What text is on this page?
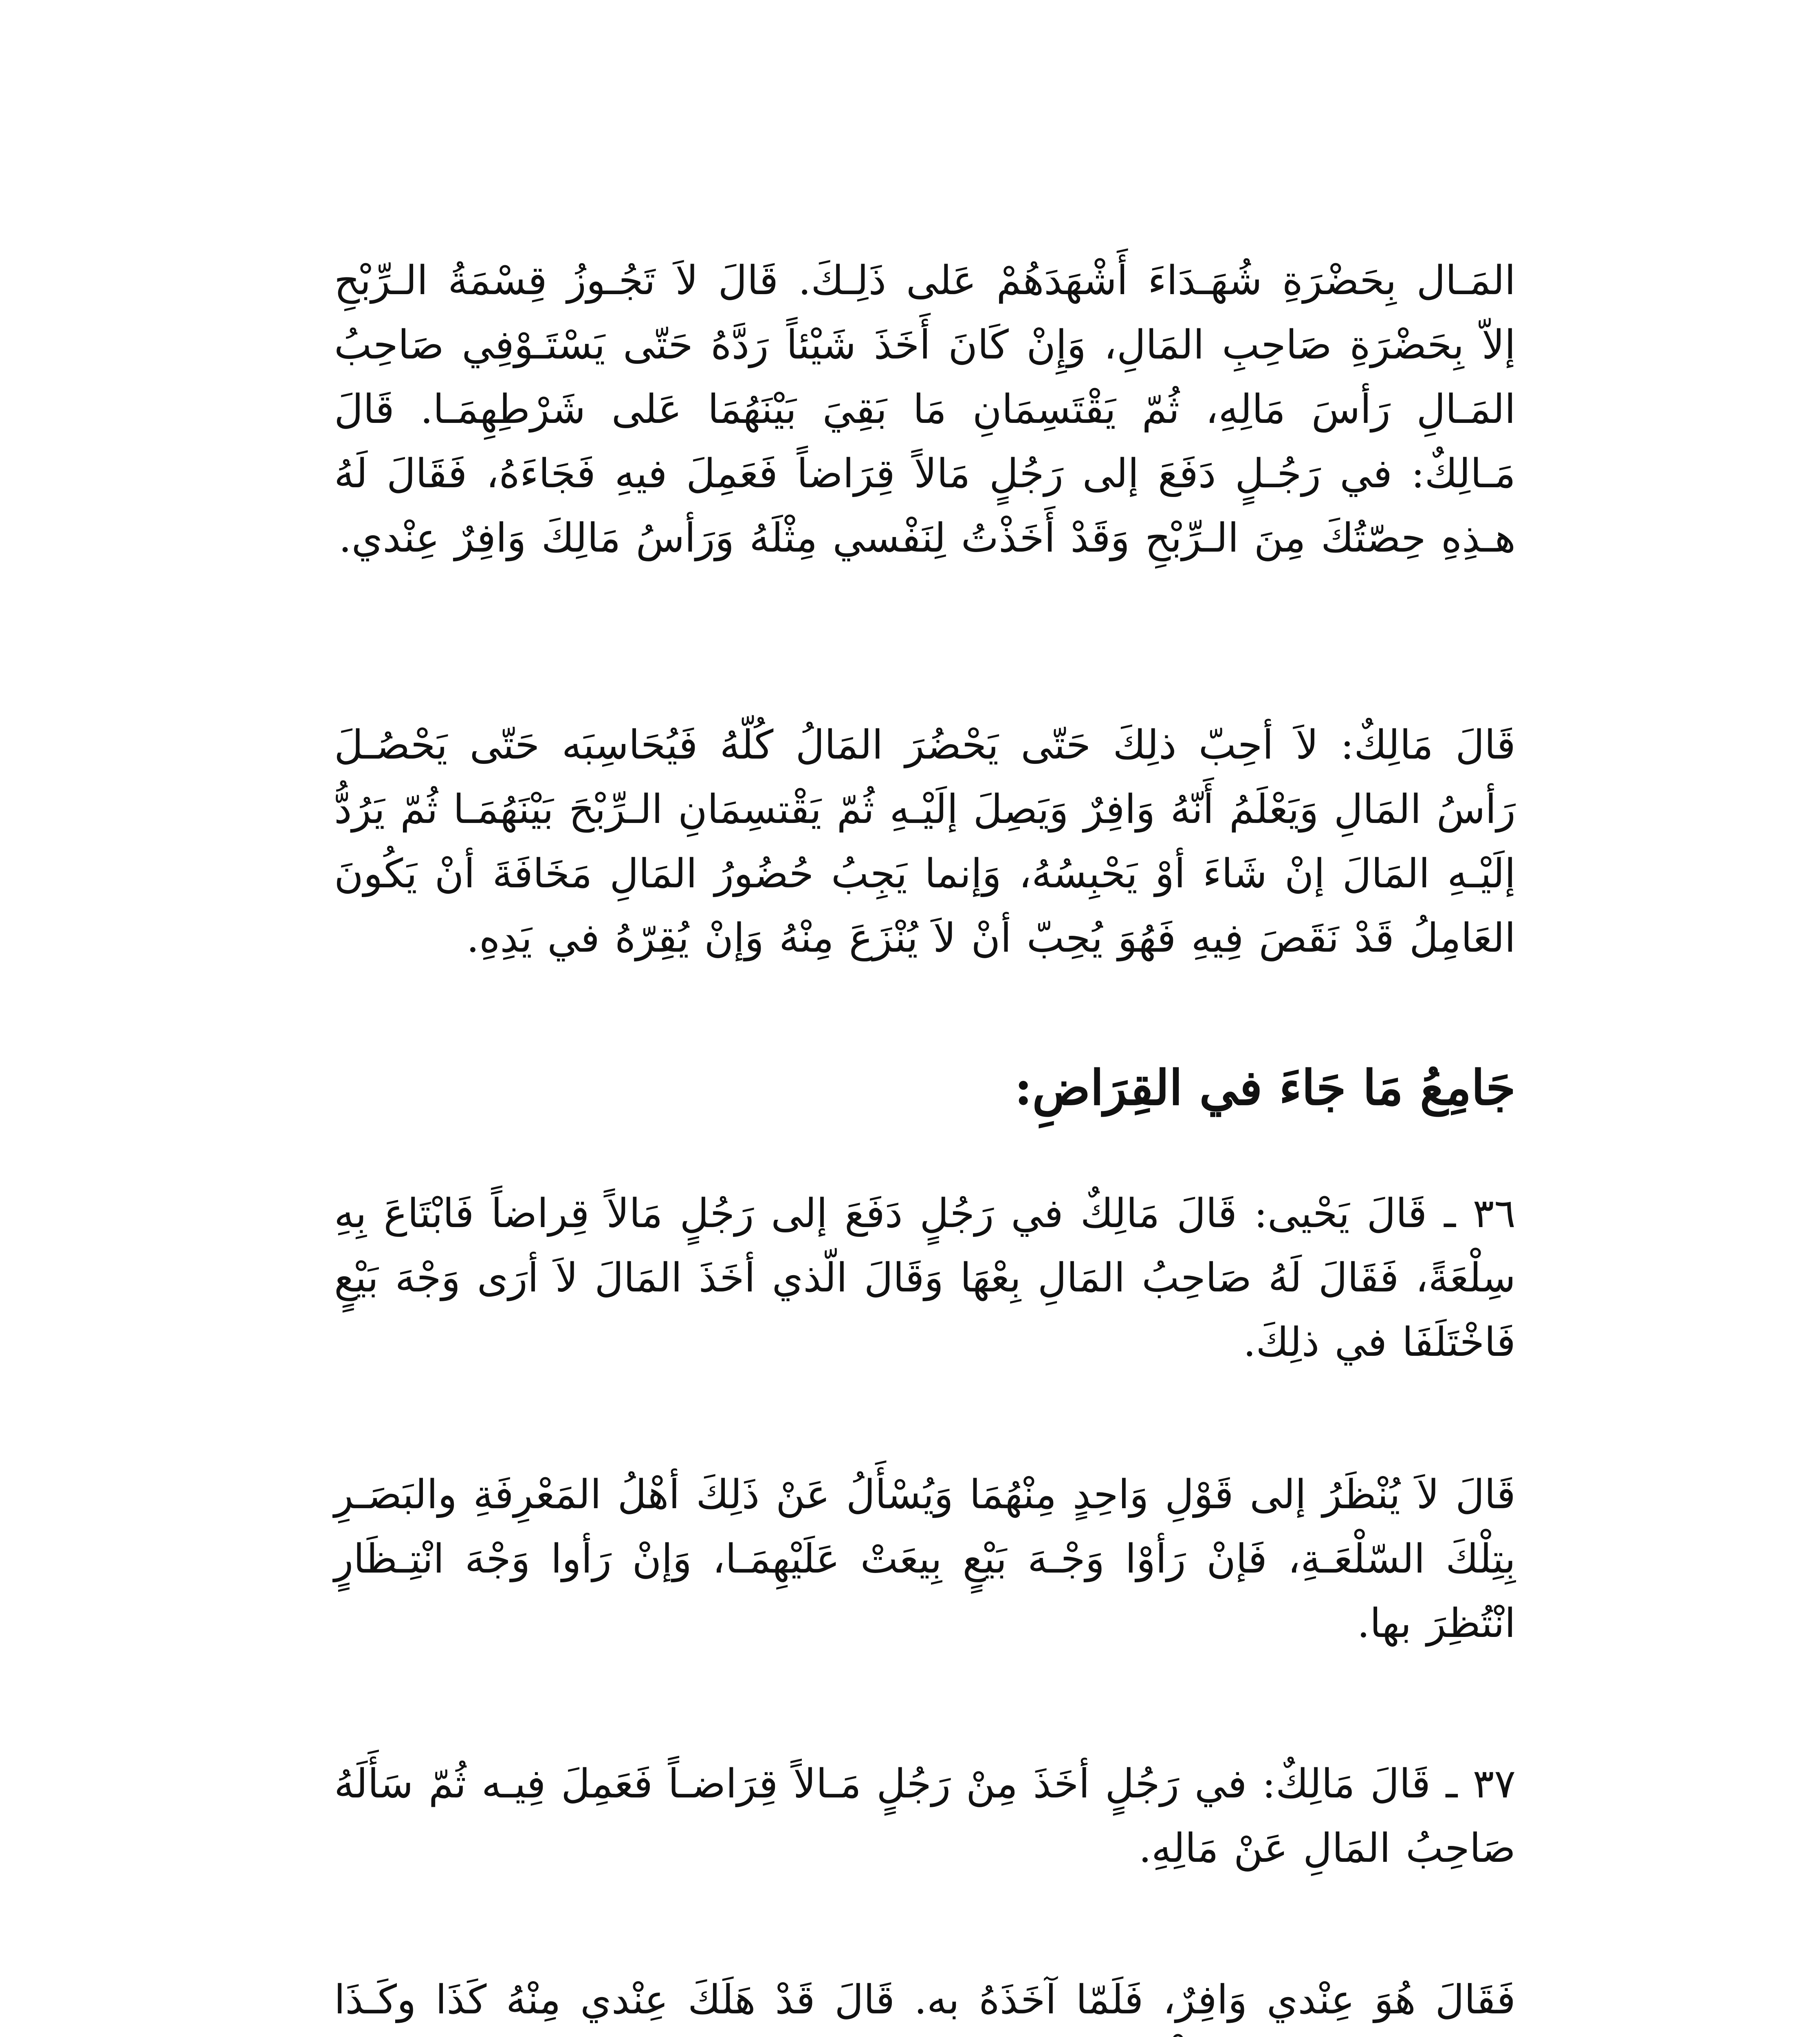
المَـال بِحَضْرَةِ شُهَـدَاءَ أَشْهَدَهُمْ عَلى ذَلِـكَ. قَالَ لاَ تَجُـوزُ قِسْمَةُ الـرِّبْحِ إلاّ بِحَضْرَةِ صَاحِبِ المَالِ، وَإِنْ كَانَ أَخَذَ شَيْئاً رَدَّهُ حَتّى يَسْتَـوْفِي صَاحِبُ المَـالِ رَأسَ مَالِهِ، ثُمّ يَقْتَسِمَانِ مَا بَقِيَ بَيْنَهُمَا عَلى شَرْطِهِمَـا. قَالَ مَـالِكٌ: في رَجُـلٍ دَفَعَ إلى رَجُلٍ مَالاً قِرَاضاً فَعَمِلَ فيهِ فَجَاءَهُ، فَقَالَ لَهُ هـذِهِ حِصّتُكَ مِنَ الـرِّبْحِ وَقَدْ أَخَذْتُ لِنَفْسي مِثْلَهُ وَرَأسُ مَالِكَ وَافِرٌ عِنْدي.
قَالَ مَالِكٌ: لاَ أحِبّ ذلِكَ حَتّى يَحْضُرَ المَالُ كُلّهُ فَيُحَاسِبَه حَتّى يَحْصُـلَ رَأسُ المَالِ وَيَعْلَمُ أَنّهُ وَافِرٌ وَيَصِلَ إلَيْـهِ ثُمّ يَقْتسِمَانِ الـرِّبْحَ بَيْنَهُمَـا ثُمّ يَرُدُّ إلَيْـهِ المَالَ إنْ شَاءَ أوْ يَحْبِسُهُ، وَإنما يَجِبُ حُضُورُ المَالِ مَخَافَةَ أنْ يَكُونَ العَامِلُ قَدْ نَقَصَ فِيهِ فَهُوَ يُحِبّ أنْ لاَ يُنْزَعَ مِنْهُ وَإنْ يُقِرّهُ في يَدِهِ.
جَامِعُ مَا جَاءَ في القِرَاضِ:
٣٦ ـ قَالَ يَحْيى: قَالَ مَالِكٌ في رَجُلٍ دَفَعَ إلى رَجُلٍ مَالاً قِراضاً فَابْتَاعَ بِهِ سِلْعَةً، فَقَالَ لَهُ صَاحِبُ المَالِ بِعْهَا وَقَالَ الّذي أخَذَ المَالَ لاَ أرَى وَجْهَ بَيْعٍ فَاخْتَلَفَا في ذلِكَ.
قَالَ لاَ يُنْظَرُ إلى قَوْلِ وَاحِدٍ مِنْهُمَا وَيُسْأَلُ عَنْ ذَلِكَ أهْلُ المَعْرِفَةِ والبَصَـرِ بِتِلْكَ السّلْعَـةِ، فَإنْ رَأوْا وَجْـهَ بَيْعٍ بِيعَتْ عَلَيْهِمَـا، وَإنْ رَأوا وَجْهَ انْتِـظَارٍ انْتُظِرَ بها.
٣٧ ـ قَالَ مَالِكٌ: في رَجُلٍ أخَذَ مِنْ رَجُلٍ مَـالاً قِرَاضـاً فَعَمِلَ فِيـه ثُمّ سَأَلَهُ صَاحِبُ المَالِ عَنْ مَالِهِ.
فَقَالَ هُوَ عِنْدي وَافِرٌ، فَلَمّا آخَذَهُ به. قَالَ قَدْ هَلَكَ عِنْدي مِنْهُ كَذَا وكَـذَا
